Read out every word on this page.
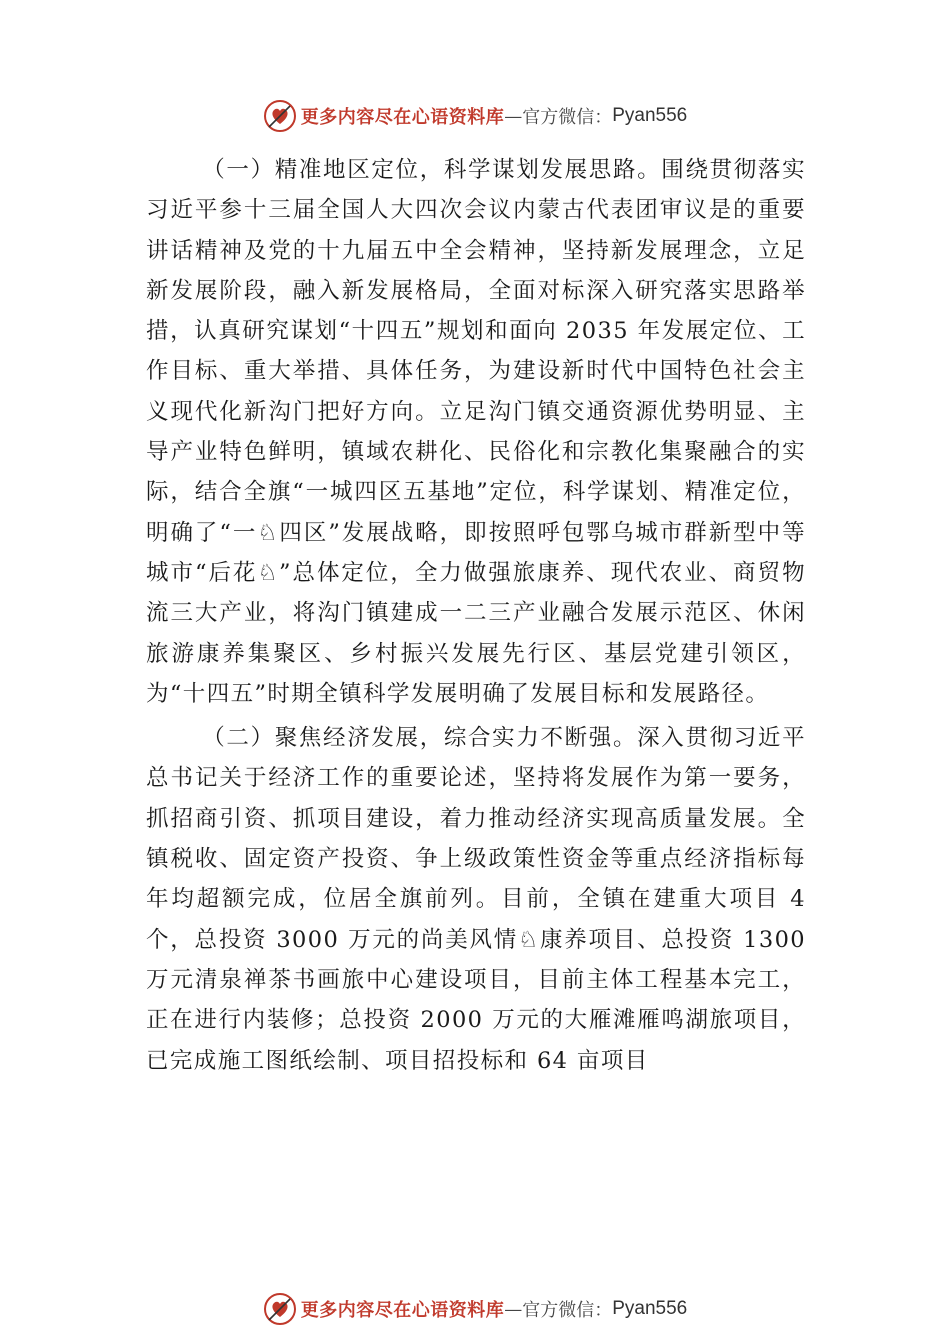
更多内容尽在心语资料库 — 官方微信： Pyan556

（一）精准地区定位，科学谋划发展思路。围绕贯彻落实习近平参十三届全国人大四次会议内蒙古代表团审议是的重要讲话精神及党的十九届五中全会精神，坚持新发展理念，立足新发展阶段，融入新发展格局，全面对标深入研究落实思路举措，认真研究谋划“十四五”规划和面向 2035 年发展定位、工作目标、重大举措、具体任务，为建设新时代中国特色社会主义现代化新沟门把好方向。立足沟门镇交通资源优势明显、主导产业特色鲜明，镇域农耕化、民俗化和宗教化集聚融合的实际，结合全旗“一城四区五基地”定位，科学谋划、精准定位，明确了“一♘四区”发展战略，即按照呼包鄂乌城市群新型中等城市“后花♘”总体定位，全力做强旅康养、现代农业、商贸物流三大产业，将沟门镇建成一二三产业融合发展示范区、休闲旅游康养集聚区、乡村振兴发展先行区、基层党建引领区，为“十四五”时期全镇科学发展明确了发展目标和发展路径。

（二）聚焦经济发展，综合实力不断强。深入贯彻习近平总书记关于经济工作的重要论述，坚持将发展作为第一要务，抓招商引资、抓项目建设，着力推动经济实现高质量发展。全镇税收、固定资产投资、争上级政策性资金等重点经济指标每年均超额完成，位居全旗前列。目前，全镇在建重大项目 4 个，总投资 3000 万元的尚美风情♘康养项目、总投资 1300 万元清泉禅茶书画旅中心建设项目，目前主体工程基本完工，正在进行内装修；总投资 2000 万元的大雁滩雁鸣湖旅项目，已完成施工图纸绘制、项目招投标和 64 亩项目

更多内容尽在心语资料库 — 官方微信： Pyan556
